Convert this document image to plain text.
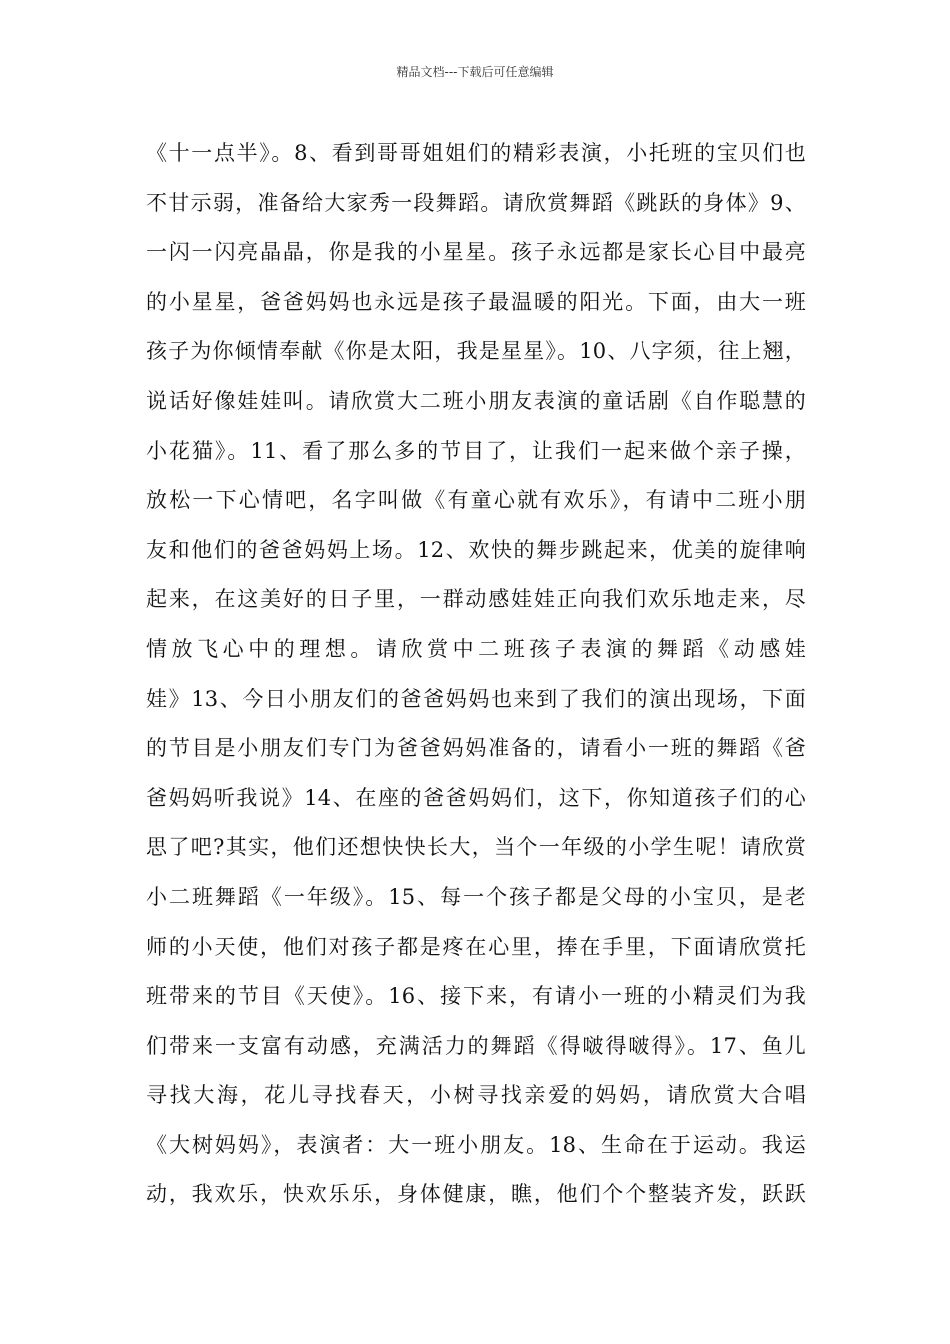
精品文档---下载后可任意编辑
《十一点半》。8、看到哥哥姐姐们的精彩表演，小托班的宝贝们也
不甘示弱，准备给大家秀一段舞蹈。请欣赏舞蹈《跳跃的身体》9、
一闪一闪亮晶晶，你是我的小星星。孩子永远都是家长心目中最亮
的小星星，爸爸妈妈也永远是孩子最温暖的阳光。下面，由大一班
孩子为你倾情奉献《你是太阳，我是星星》。10、八字须，往上翘，
说话好像娃娃叫。请欣赏大二班小朋友表演的童话剧《自作聪慧的
小花猫》。11、看了那么多的节目了，让我们一起来做个亲子操，
放松一下心情吧，名字叫做《有童心就有欢乐》，有请中二班小朋
友和他们的爸爸妈妈上场。12、欢快的舞步跳起来，优美的旋律响
起来，在这美好的日子里，一群动感娃娃正向我们欢乐地走来，尽
情放飞心中的理想。请欣赏中二班孩子表演的舞蹈《动感娃
娃》13、今日小朋友们的爸爸妈妈也来到了我们的演出现场，下面
的节目是小朋友们专门为爸爸妈妈准备的，请看小一班的舞蹈《爸
爸妈妈听我说》14、在座的爸爸妈妈们，这下，你知道孩子们的心
思了吧?其实，他们还想快快长大，当个一年级的小学生呢！请欣赏
小二班舞蹈《一年级》。15、每一个孩子都是父母的小宝贝，是老
师的小天使，他们对孩子都是疼在心里，捧在手里，下面请欣赏托
班带来的节目《天使》。16、接下来，有请小一班的小精灵们为我
们带来一支富有动感，充满活力的舞蹈《得啵得啵得》。17、鱼儿
寻找大海，花儿寻找春天，小树寻找亲爱的妈妈，请欣赏大合唱
《大树妈妈》，表演者：大一班小朋友。18、生命在于运动。我运
动，我欢乐，快欢乐乐，身体健康，瞧，他们个个整装齐发，跃跃
